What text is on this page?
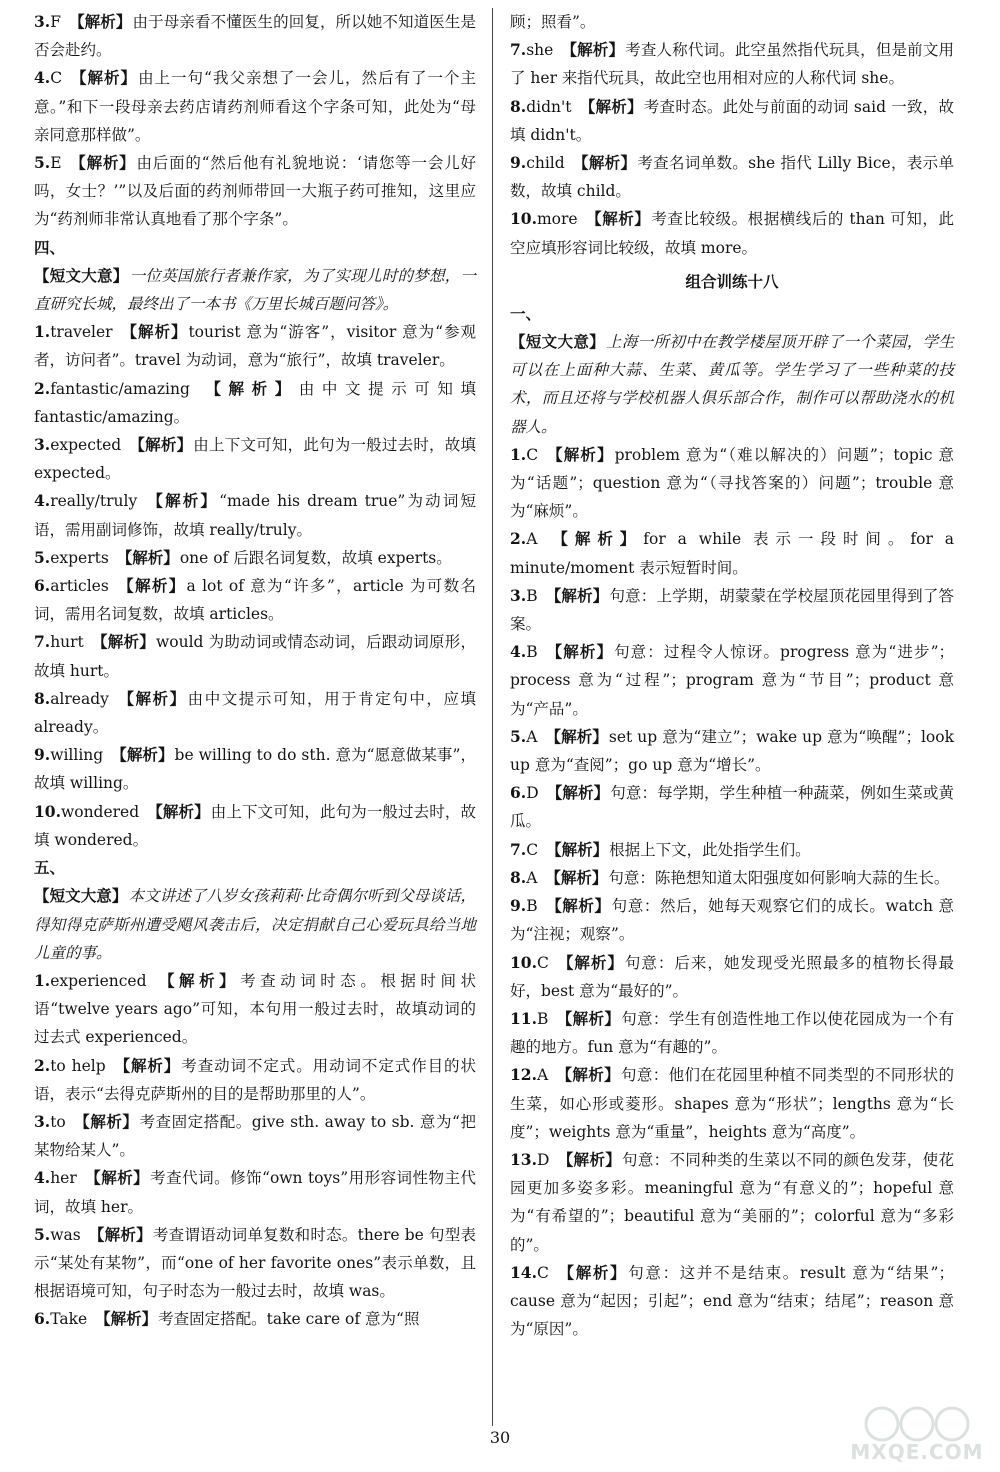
3.F 【解析】由于母亲看不懂医生的回复，所以她不知道医生是否会赴约。

4.C 【解析】由上一句“我父亲想了一会儿，然后有了一个主意。”和下一段母亲去药店请药剂师看这个字条可知，此处为“母亲同意那样做”。

5.E 【解析】由后面的“然后他有礼貌地说：‘请您等一会儿好吗，女士？’”以及后面的药剂师带回一大瓶子药可推知，这里应为“药剂师非常认真地看了那个字条”。

四、

【短文大意】一位英国旅行者兼作家，为了实现儿时的梦想，一直研究长城，最终出了一本书《万里长城百题问答》。

1.traveler 【解析】tourist 意为“游客”，visitor 意为“参观者，访问者”。travel 为动词，意为“旅行”，故填 traveler。

2.fantastic/amazing 【解析】由中文提示可知填 fantastic/amazing。

3.expected 【解析】由上下文可知，此句为一般过去时，故填 expected。

4.really/truly 【解析】“made his dream true”为动词短语，需用副词修饰，故填 really/truly。

5.experts 【解析】one of 后跟名词复数，故填 experts。

6.articles 【解析】a lot of 意为“许多”，article 为可数名词，需用名词复数，故填 articles。

7.hurt 【解析】would 为助动词或情态动词，后跟动词原形，故填 hurt。

8.already 【解析】由中文提示可知，用于肯定句中，应填 already。

9.willing 【解析】be willing to do sth. 意为“愿意做某事”，故填 willing。

10.wondered 【解析】由上下文可知，此句为一般过去时，故填 wondered。

五、

【短文大意】本文讲述了八岁女孩莉莉·比奇偶尔听到父母谈话，得知得克萨斯州遭受飓风袭击后，决定捐献自己心爱玩具给当地儿童的事。

1.experienced 【解析】考查动词时态。根据时间状语“twelve years ago”可知，本句用一般过去时，故填动词的过去式 experienced。

2.to help 【解析】考查动词不定式。用动词不定式作目的状语，表示“去得克萨斯州的目的是帮助那里的人”。

3.to 【解析】考查固定搭配。give sth. away to sb. 意为“把某物给某人”。

4.her 【解析】考查代词。修饰“own toys”用形容词性物主代词，故填 her。

5.was 【解析】考查谓语动词单复数和时态。there be 句型表示“某处有某物”，而“one of her favorite ones”表示单数，且根据语境可知，句子时态为一般过去时，故填 was。

6.Take 【解析】考查固定搭配。take care of 意为“照

顾；照看”。

7.she 【解析】考查人称代词。此空虽然指代玩具，但是前文用了 her 来指代玩具，故此空也用相对应的人称代词 she。

8.didn't 【解析】考查时态。此处与前面的动词 said 一致，故填 didn't。

9.child 【解析】考查名词单数。she 指代 Lilly Bice，表示单数，故填 child。

10.more 【解析】考查比较级。根据横线后的 than 可知，此空应填形容词比较级，故填 more。

组合训练十八

一、

【短文大意】上海一所初中在教学楼屋顶开辟了一个菜园，学生可以在上面种大蒜、生菜、黄瓜等。学生学习了一些种菜的技术，而且还将与学校机器人俱乐部合作，制作可以帮助浇水的机器人。

1.C 【解析】problem 意为“（难以解决的）问题”；topic 意为“话题”；question 意为“（寻找答案的）问题”；trouble 意为“麻烦”。

2.A 【解析】for a while 表示一段时间。for a minute/moment 表示短暂时间。

3.B 【解析】句意：上学期，胡蒙蒙在学校屋顶花园里得到了答案。

4.B 【解析】句意：过程令人惊讶。progress 意为“进步”；process 意为“过程”；program 意为“节目”；product 意为“产品”。

5.A 【解析】set up 意为“建立”；wake up 意为“唤醒”；look up 意为“查阅”；go up 意为“增长”。

6.D 【解析】句意：每学期，学生种植一种蔬菜，例如生菜或黄瓜。

7.C 【解析】根据上下文，此处指学生们。

8.A 【解析】句意：陈艳想知道太阳强度如何影响大蒜的生长。

9.B 【解析】句意：然后，她每天观察它们的成长。watch 意为“注视；观察”。

10.C 【解析】句意：后来，她发现受光照最多的植物长得最好，best 意为“最好的”。

11.B 【解析】句意：学生有创造性地工作以使花园成为一个有趣的地方。fun 意为“有趣的”。

12.A 【解析】句意：他们在花园里种植不同类型的不同形状的生菜，如心形或菱形。shapes 意为“形状”；lengths 意为“长度”；weights 意为“重量”，heights 意为“高度”。

13.D 【解析】句意：不同种类的生菜以不同的颜色发芽，使花园更加多姿多彩。meaningful 意为“有意义的”；hopeful 意为“有希望的”；beautiful 意为“美丽的”；colorful 意为“多彩的”。

14.C 【解析】句意：这并不是结束。result 意为“结果”；cause 意为“起因；引起”；end 意为“结束；结尾”；reason 意为“原因”。

30
MXQE.COM
